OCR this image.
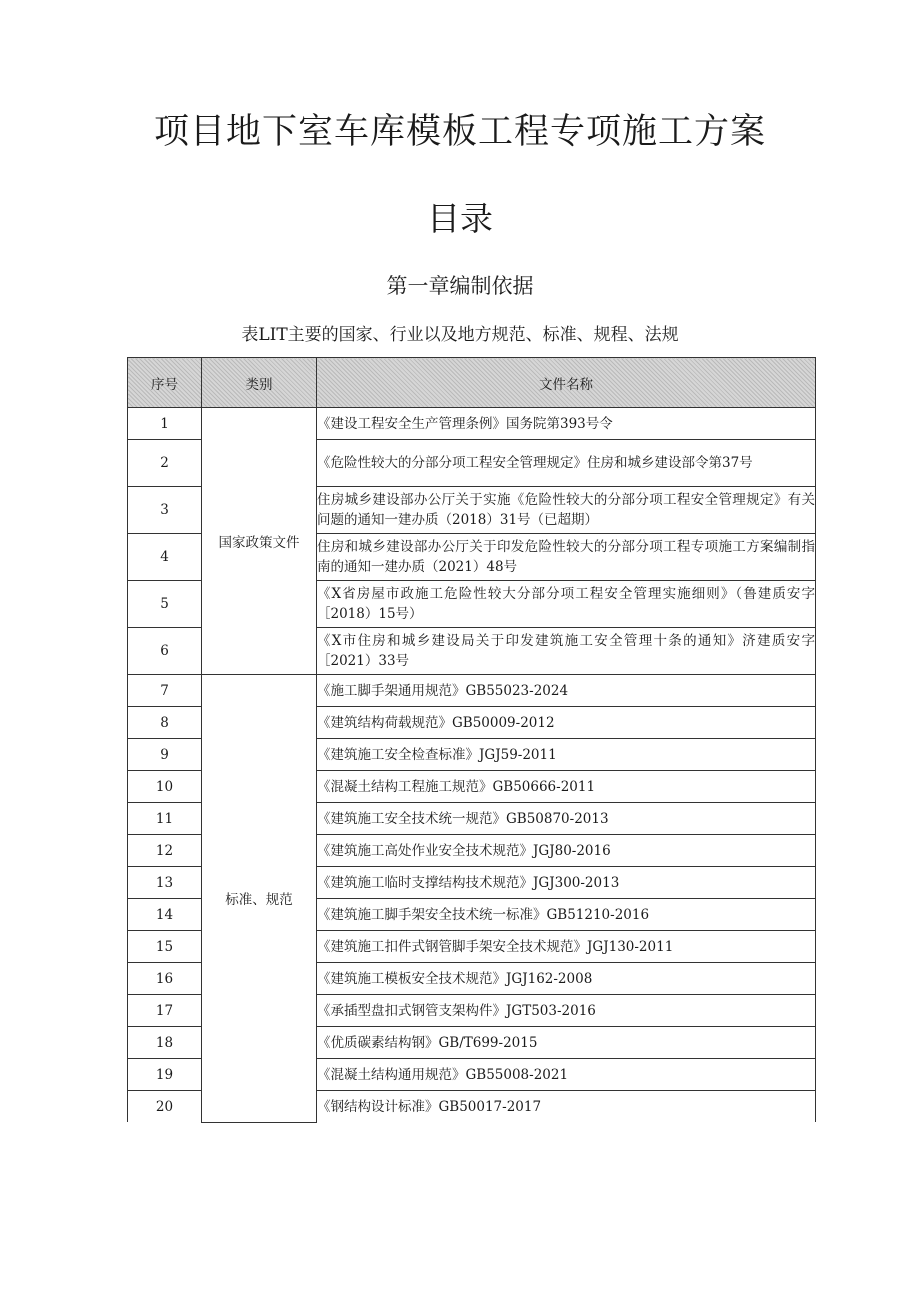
项目地下室车库模板工程专项施工方案
目录
第一章编制依据

表LIT主要的国家、行业以及地方规范、标准、规程、法规

序号	类别	文件名称
1	国家政策文件	《建设工程安全生产管理条例》国务院第393号令
2		《危险性较大的分部分项工程安全管理规定》住房和城乡建设部令第37号
3		住房城乡建设部办公厅关于实施《危险性较大的分部分项工程安全管理规定》有关问题的通知一建办质（2018）31号（已超期）
4		住房和城乡建设部办公厅关于印发危险性较大的分部分项工程专项施工方案编制指南的通知一建办质（2021）48号
5		《X省房屋市政施工危险性较大分部分项工程安全管理实施细则》（鲁建质安字［2018）15号）
6		《X市住房和城乡建设局关于印发建筑施工安全管理十条的通知》济建质安字［2021）33号
7	标准、规范	《施工脚手架通用规范》GB55023-2024
8		《建筑结构荷载规范》GB50009-2012
9		《建筑施工安全检查标准》JGJ59-2011
10		《混凝土结构工程施工规范》GB50666-2011
11		《建筑施工安全技术统一规范》GB50870-2013
12		《建筑施工高处作业安全技术规范》JGJ80-2016
13		《建筑施工临时支撑结构技术规范》JGJ300-2013
14		《建筑施工脚手架安全技术统一标准》GB51210-2016
15		《建筑施工扣件式钢管脚手架安全技术规范》JGJ130-2011
16		《建筑施工模板安全技术规范》JGJ162-2008
17		《承插型盘扣式钢管支架构件》JGT503-2016
18		《优质碳素结构钢》GB/T699-2015
19		《混凝土结构通用规范》GB55008-2021
20		《钢结构设计标准》GB50017-2017
